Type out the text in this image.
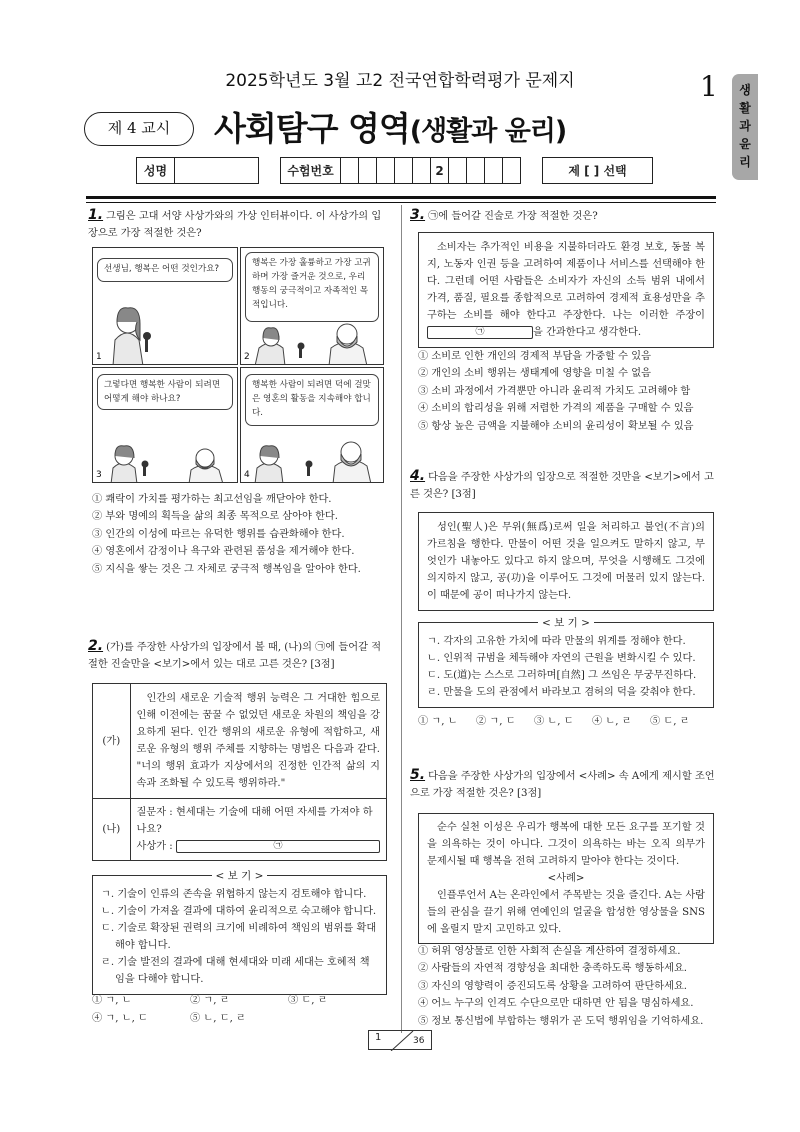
2025학년도 3월 고2 전국연합학력평가 문제지	1 생활과 윤리
제 4 교시	사회탐구 영역(생활과 윤리)
성명			수험번호						2						제 [ ] 선택
1. 그림은 고대 서양 사상가와의 가상 인터뷰이다. 이 사상가의 입장으로 가장 적절한 것은?
선생님, 행복은 어떤 것인가요?
1
행복은 가장 훌륭하고 가장 고귀하며 가장 즐거운 것으로, 우리 행동의 궁극적이고 자족적인 목적입니다.
2
그렇다면 행복한 사람이 되려면 어떻게 해야 하나요?
3
행복한 사람이 되려면 덕에 걸맞은 영혼의 활동을 지속해야 합니다.
4
① 쾌락이 가치를 평가하는 최고선임을 깨닫아야 한다.
② 부와 명예의 획득을 삶의 최종 목적으로 삼아야 한다.
③ 인간의 이성에 따르는 유덕한 행위를 습관화해야 한다.
④ 영혼에서 감정이나 욕구와 관련된 품성을 제거해야 한다.
⑤ 지식을 쌓는 것은 그 자체로 궁극적 행복임을 알아야 한다.
2. (가)를 주장한 사상가의 입장에서 볼 때, (나)의 ㉠에 들어갈 적절한 진술만을 <보기>에서 있는 대로 고른 것은? [3점]
(가)	인간의 새로운 기술적 행위 능력은 그 거대한 힘으로 인해 이전에는 꿈꿀 수 없었던 새로운 차원의 책임을 강요하게 된다. 인간 행위의 새로운 유형에 적합하고, 새로운 유형의 행위 주체를 지향하는 명법은 다음과 같다. "너의 행위 효과가 지상에서의 진정한 인간적 삶의 지속과 조화될 수 있도록 행위하라."
(나)	질문자 : 현세대는 기술에 대해 어떤 자세를 가져야 하나요?
사상가 : ㉠
< 보 기 >
ㄱ. 기술이 인류의 존속을 위협하지 않는지 검토해야 합니다.
ㄴ. 기술이 가져올 결과에 대하여 윤리적으로 숙고해야 합니다.
ㄷ. 기술로 확장된 권력의 크기에 비례하여 책임의 범위를 확대해야 합니다.
ㄹ. 기술 발전의 결과에 대해 현세대와 미래 세대는 호혜적 책임을 다해야 합니다.
① ㄱ, ㄴ	② ㄱ, ㄹ	③ ㄷ, ㄹ
④ ㄱ, ㄴ, ㄷ	⑤ ㄴ, ㄷ, ㄹ
3. ㉠에 들어갈 진술로 가장 적절한 것은?
소비자는 추가적인 비용을 지불하더라도 환경 보호, 동물 복지, 노동자 인권 등을 고려하여 제품이나 서비스를 선택해야 한다. 그런데 어떤 사람들은 소비자가 자신의 소득 범위 내에서 가격, 품질, 필요를 종합적으로 고려하여 경제적 효용성만을 추구하는 소비를 해야 한다고 주장한다. 나는 이러한 주장이 ㉠	을 간과한다고 생각한다.
① 소비로 인한 개인의 경제적 부담을 가중할 수 있음
② 개인의 소비 행위는 생태계에 영향을 미칠 수 없음
③ 소비 과정에서 가격뿐만 아니라 윤리적 가치도 고려해야 함
④ 소비의 합리성을 위해 저렴한 가격의 제품을 구매할 수 있음
⑤ 항상 높은 금액을 지불해야 소비의 윤리성이 확보될 수 있음
4. 다음을 주장한 사상가의 입장으로 적절한 것만을 <보기>에서 고른 것은? [3점]
성인(聖人)은 무위(無爲)로써 일을 처리하고 불언(不言)의 가르침을 행한다. 만물이 어떤 것을 일으켜도 말하지 않고, 무엇인가 내놓아도 있다고 하지 않으며, 무엇을 시행해도 그것에 의지하지 않고, 공(功)을 이루어도 그것에 머물러 있지 않는다. 이 때문에 공이 떠나가지 않는다.
< 보 기 >
ㄱ. 각자의 고유한 가치에 따라 만물의 위계를 정해야 한다.
ㄴ. 인위적 규범을 체득해야 자연의 근원을 변화시킬 수 있다.
ㄷ. 도(道)는 스스로 그러하며[自然] 그 쓰임은 무궁무진하다.
ㄹ. 만물을 도의 관점에서 바라보고 겸허의 덕을 갖춰야 한다.
① ㄱ, ㄴ	② ㄱ, ㄷ	③ ㄴ, ㄷ	④ ㄴ, ㄹ	⑤ ㄷ, ㄹ
5. 다음을 주장한 사상가의 입장에서 <사례> 속 A에게 제시할 조언으로 가장 적절한 것은? [3점]
순수 실천 이성은 우리가 행복에 대한 모든 요구를 포기할 것을 의욕하는 것이 아니다. 그것이 의욕하는 바는 오직 의무가 문제시될 때 행복을 전혀 고려하지 말아야 한다는 것이다.
<사례>
인플루언서 A는 온라인에서 주목받는 것을 즐긴다. A는 사람들의 관심을 끌기 위해 연예인의 얼굴을 합성한 영상물을 SNS에 올릴지 말지 고민하고 있다.
① 허위 영상물로 인한 사회적 손실을 계산하여 결정하세요.
② 사람들의 자연적 경향성을 최대한 충족하도록 행동하세요.
③ 자신의 영향력이 증진되도록 상황을 고려하여 판단하세요.
④ 어느 누구의 인격도 수단으로만 대하면 안 됨을 명심하세요.
⑤ 정보 통신법에 부합하는 행위가 곧 도덕 행위임을 기억하세요.
1	36
